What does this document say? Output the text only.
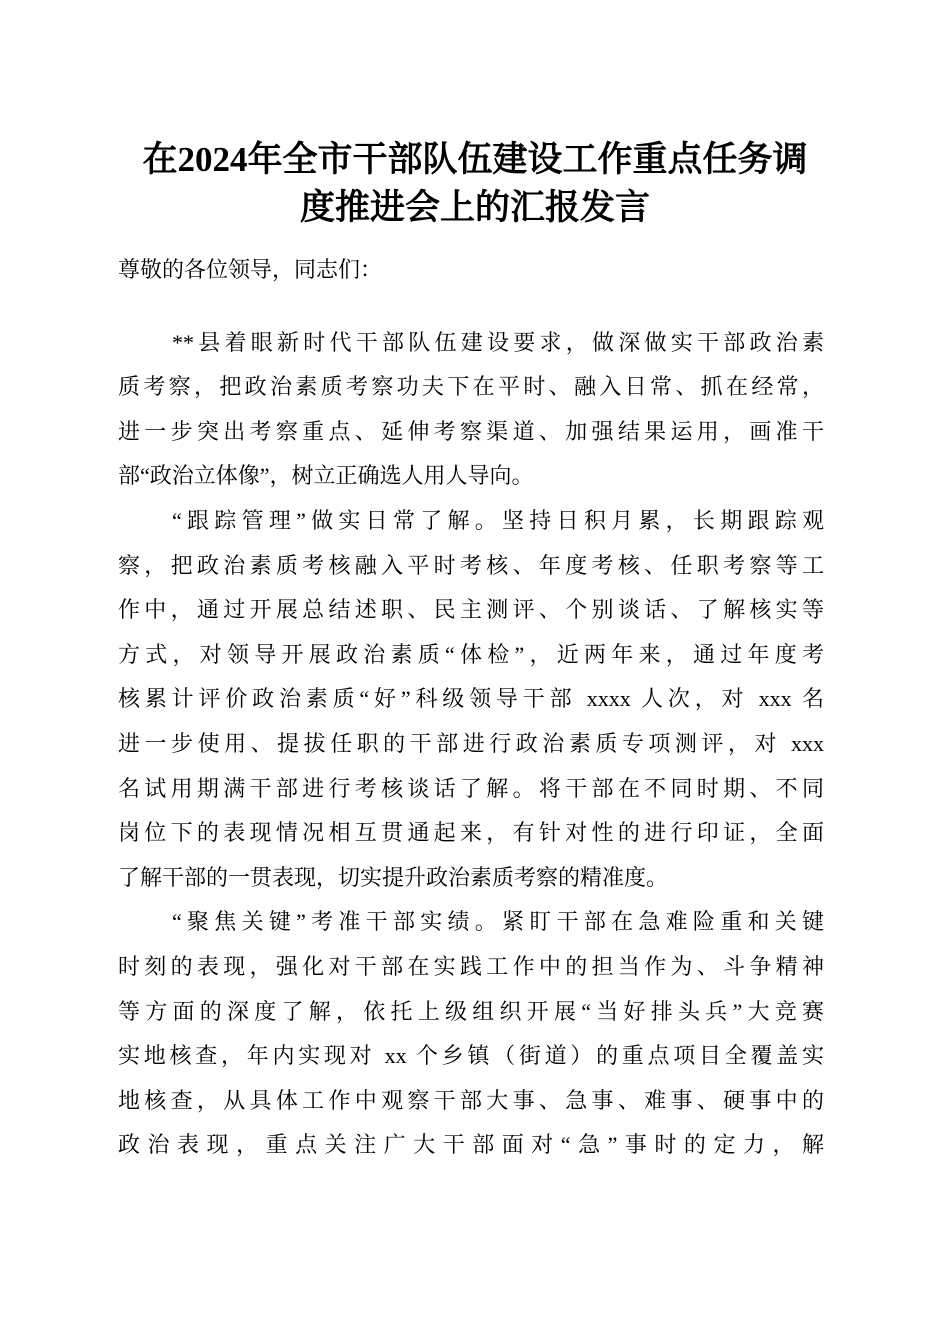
在2024年全市干部队伍建设工作重点任务调
度推进会上的汇报发言
尊敬的各位领导，同志们：
**县着眼新时代干部队伍建设要求，做深做实干部政治素
质考察，把政治素质考察功夫下在平时、融入日常、抓在经常，
进一步突出考察重点、延伸考察渠道、加强结果运用，画准干
部“政治立体像”，树立正确选人用人导向。
“跟踪管理”做实日常了解。坚持日积月累，长期跟踪观
察，把政治素质考核融入平时考核、年度考核、任职考察等工
作中，通过开展总结述职、民主测评、个别谈话、了解核实等
方式，对领导开展政治素质“体检”，近两年来，通过年度考
核累计评价政治素质“好”科级领导干部 xxxx 人次，对 xxx 名
进一步使用、提拔任职的干部进行政治素质专项测评，对 xxx
名试用期满干部进行考核谈话了解。将干部在不同时期、不同
岗位下的表现情况相互贯通起来，有针对性的进行印证，全面
了解干部的一贯表现，切实提升政治素质考察的精准度。
“聚焦关键”考准干部实绩。紧盯干部在急难险重和关键
时刻的表现，强化对干部在实践工作中的担当作为、斗争精神
等方面的深度了解，依托上级组织开展“当好排头兵”大竞赛
实地核查，年内实现对 xx 个乡镇（街道）的重点项目全覆盖实
地核查，从具体工作中观察干部大事、急事、难事、硬事中的
政治表现，重点关注广大干部面对“急”事时的定力，解
